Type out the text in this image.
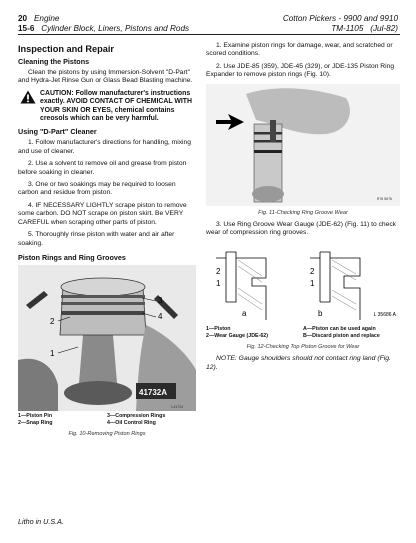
20 Engine
15-6 Cylinder Block, Liners, Pistons and Rods
Cotton Pickers - 9900 and 9910
TM-1105 (Jul-82)
Inspection and Repair
Cleaning the Pistons

Clean the pistons by using Immersion-Solvent "D-Part" and Hydra-Jet Rinse Gun or Glass Bead Blasting machine.

CAUTION: Follow manufacturer's instructions exactly. AVOID CONTACT OF CHEMICAL WITH YOUR SKIN OR EYES, chemical contains creosols which can be very harmful.
Using "D-Part" Cleaner

1. Follow manufacturer's directions for handling, mixing and use of cleaner.

2. Use a solvent to remove oil and grease from piston before soaking in cleaner.

3. One or two soakings may be required to loosen carbon and residue from piston.

4. IF NECESSARY LIGHTLY scrape piston to remove some carbon. DO NOT scrape on piston skirt. Be VERY CAREFUL when scraping other parts of piston.

5. Thoroughly rinse piston with water and air after soaking.

Piston Rings and Ring Grooves
3
4
2
1
41732A
L41724
1—Piston Pin	3—Compression Rings
2—Snap Ring	4—Oil Control Ring
Fig. 10-Removing Piston Rings

1. Examine piston rings for damage, wear, and scratched or scored conditions.

2. Use JDE-85 (359), JDE-45 (329), or JDE-135 Piston Ring Expander to remove piston rings (Fig. 10).

R76 5676
Fig. 11-Checking Ring Groove Wear

3. Use Ring Groove Wear Gauge (JDE-62) (Fig. 11) to check wear of compression ring grooves.

2
1
a
2
1
b	L 35686 A
1—Piston	A—Piston can be used again
2—Wear Gauge (JDE-62)	B—Discard piston and replace
Fig. 12-Checking Top Piston Groove for Wear

NOTE: Gauge shoulders should not contact ring land (Fig. 12).

Litho in U.S.A.
